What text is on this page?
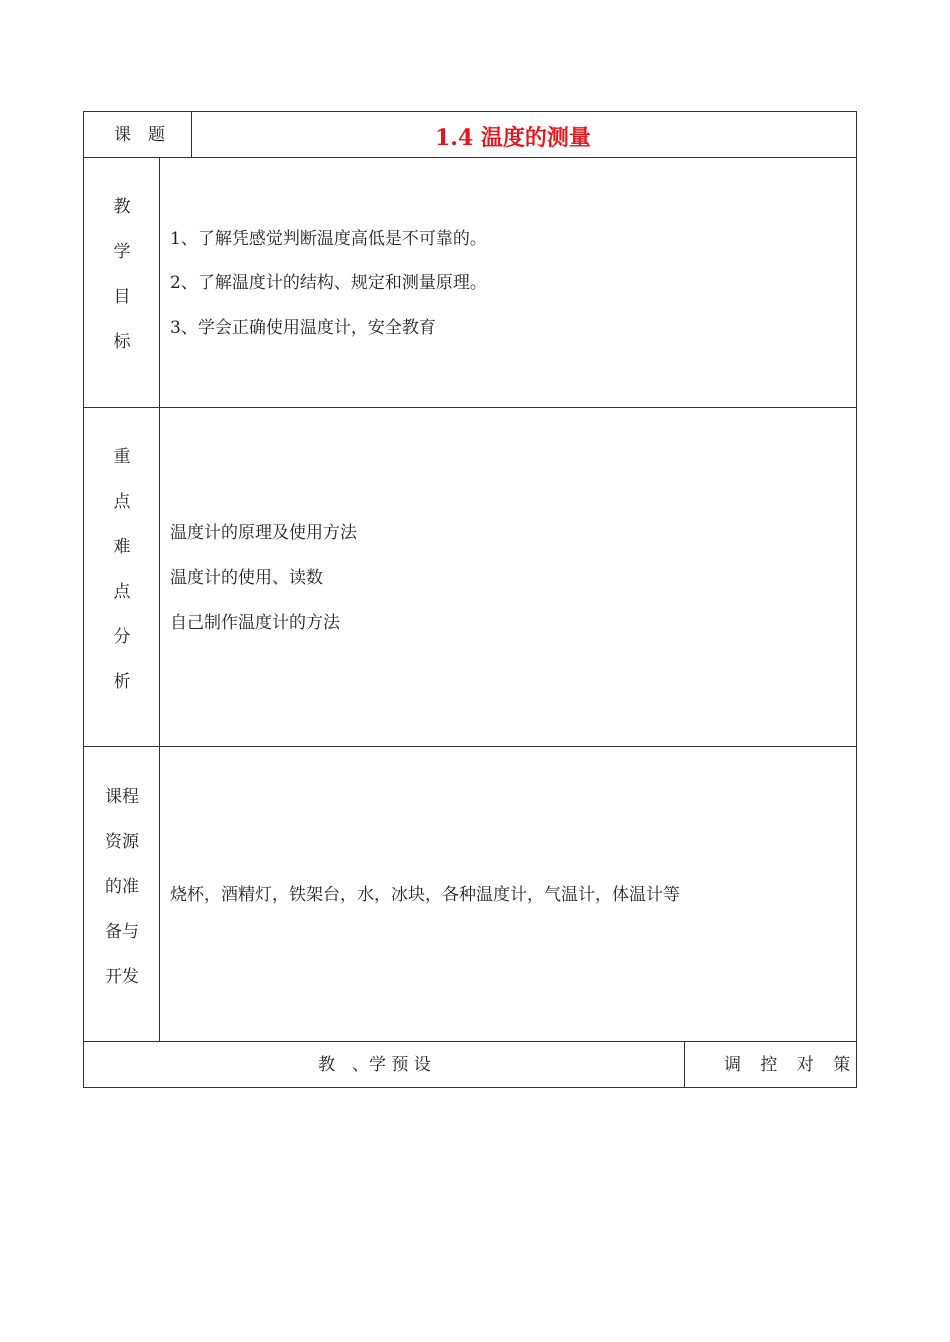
课　题	1.4 温度的测量
教
学
目
标
1、了解凭感觉判断温度高低是不可靠的。
2、了解温度计的结构、规定和测量原理。
3、学会正确使用温度计，安全教育
重
点
难
点
分
析
温度计的原理及使用方法
温度计的使用、读数
自己制作温度计的方法
课程
资源
的准
备与
开发
烧杯，酒精灯，铁架台，水，冰块，各种温度计，气温计，体温计等
教　、学 预 设	调 控 对 策
